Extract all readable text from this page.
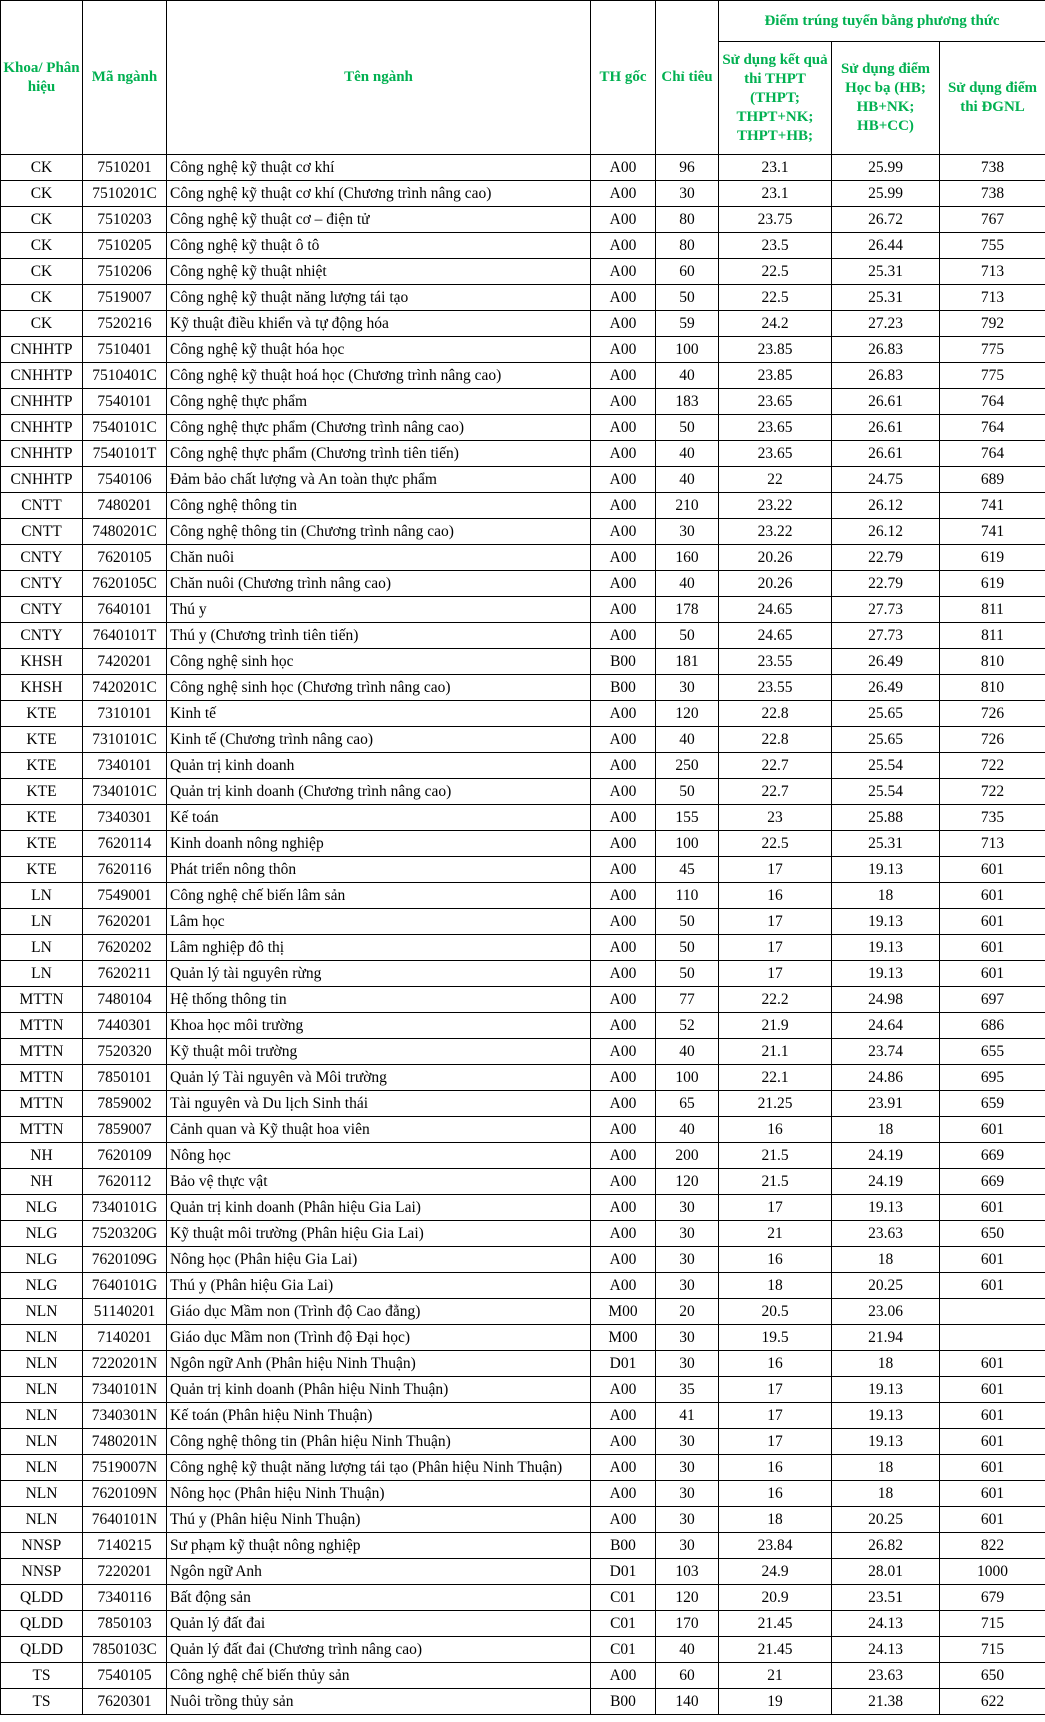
Khoa/ Phân hiệu	Mã ngành	Tên ngành	TH gốc	Chỉ tiêu	Điểm trúng tuyển bằng phương thức		
					Sử dụng kết quả thi THPT (THPT; THPT+NK; THPT+HB;	Sử dụng điểm Học bạ (HB; HB+NK; HB+CC)	Sử dụng điểm thi ĐGNL
CK	7510201	Công nghệ kỹ thuật cơ khí	A00	96	23.1	25.99	738
CK	7510201C	Công nghệ kỹ thuật cơ khí (Chương trình nâng cao)	A00	30	23.1	25.99	738
CK	7510203	Công nghệ kỹ thuật cơ – điện tử	A00	80	23.75	26.72	767
CK	7510205	Công nghệ kỹ thuật ô tô	A00	80	23.5	26.44	755
CK	7510206	Công nghệ kỹ thuật nhiệt	A00	60	22.5	25.31	713
CK	7519007	Công nghệ kỹ thuật năng lượng tái tạo	A00	50	22.5	25.31	713
CK	7520216	Kỹ thuật điều khiển và tự động hóa	A00	59	24.2	27.23	792
CNHHTP	7510401	Công nghệ kỹ thuật hóa học	A00	100	23.85	26.83	775
CNHHTP	7510401C	Công nghệ kỹ thuật hoá học (Chương trình nâng cao)	A00	40	23.85	26.83	775
CNHHTP	7540101	Công nghệ thực phẩm	A00	183	23.65	26.61	764
CNHHTP	7540101C	Công nghệ thực phẩm (Chương trình nâng cao)	A00	50	23.65	26.61	764
CNHHTP	7540101T	Công nghệ thực phẩm (Chương trình tiên tiến)	A00	40	23.65	26.61	764
CNHHTP	7540106	Đảm bảo chất lượng và An toàn thực phẩm	A00	40	22	24.75	689
CNTT	7480201	Công nghệ thông tin	A00	210	23.22	26.12	741
CNTT	7480201C	Công nghệ thông tin (Chương trình nâng cao)	A00	30	23.22	26.12	741
CNTY	7620105	Chăn nuôi	A00	160	20.26	22.79	619
CNTY	7620105C	Chăn nuôi (Chương trình nâng cao)	A00	40	20.26	22.79	619
CNTY	7640101	Thú y	A00	178	24.65	27.73	811
CNTY	7640101T	Thú y (Chương trình tiên tiến)	A00	50	24.65	27.73	811
KHSH	7420201	Công nghệ sinh học	B00	181	23.55	26.49	810
KHSH	7420201C	Công nghệ sinh học (Chương trình nâng cao)	B00	30	23.55	26.49	810
KTE	7310101	Kinh tế	A00	120	22.8	25.65	726
KTE	7310101C	Kinh tế (Chương trình nâng cao)	A00	40	22.8	25.65	726
KTE	7340101	Quản trị kinh doanh	A00	250	22.7	25.54	722
KTE	7340101C	Quản trị kinh doanh (Chương trình nâng cao)	A00	50	22.7	25.54	722
KTE	7340301	Kế toán	A00	155	23	25.88	735
KTE	7620114	Kinh doanh nông nghiệp	A00	100	22.5	25.31	713
KTE	7620116	Phát triển nông thôn	A00	45	17	19.13	601
LN	7549001	Công nghệ chế biến lâm sản	A00	110	16	18	601
LN	7620201	Lâm học	A00	50	17	19.13	601
LN	7620202	Lâm nghiệp đô thị	A00	50	17	19.13	601
LN	7620211	Quản lý tài nguyên rừng	A00	50	17	19.13	601
MTTN	7480104	Hệ thống thông tin	A00	77	22.2	24.98	697
MTTN	7440301	Khoa học môi trường	A00	52	21.9	24.64	686
MTTN	7520320	Kỹ thuật môi trường	A00	40	21.1	23.74	655
MTTN	7850101	Quản lý Tài nguyên và Môi trường	A00	100	22.1	24.86	695
MTTN	7859002	Tài nguyên và Du lịch Sinh thái	A00	65	21.25	23.91	659
MTTN	7859007	Cảnh quan và Kỹ thuật hoa viên	A00	40	16	18	601
NH	7620109	Nông học	A00	200	21.5	24.19	669
NH	7620112	Bảo vệ thực vật	A00	120	21.5	24.19	669
NLG	7340101G	Quản trị kinh doanh (Phân hiệu Gia Lai)	A00	30	17	19.13	601
NLG	7520320G	Kỹ thuật môi trường (Phân hiệu Gia Lai)	A00	30	21	23.63	650
NLG	7620109G	Nông học (Phân hiệu Gia Lai)	A00	30	16	18	601
NLG	7640101G	Thú y (Phân hiệu Gia Lai)	A00	30	18	20.25	601
NLN	51140201	Giáo dục Mầm non (Trình độ Cao đẳng)	M00	20	20.5	23.06	
NLN	7140201	Giáo dục Mầm non (Trình độ Đại học)	M00	30	19.5	21.94	
NLN	7220201N	Ngôn ngữ Anh (Phân hiệu Ninh Thuận)	D01	30	16	18	601
NLN	7340101N	Quản trị kinh doanh (Phân hiệu Ninh Thuận)	A00	35	17	19.13	601
NLN	7340301N	Kế toán (Phân hiệu Ninh Thuận)	A00	41	17	19.13	601
NLN	7480201N	Công nghệ thông tin (Phân hiệu Ninh Thuận)	A00	30	17	19.13	601
NLN	7519007N	Công nghệ kỹ thuật năng lượng tái tạo (Phân hiệu Ninh Thuận)	A00	30	16	18	601
NLN	7620109N	Nông học (Phân hiệu Ninh Thuận)	A00	30	16	18	601
NLN	7640101N	Thú y (Phân hiệu Ninh Thuận)	A00	30	18	20.25	601
NNSP	7140215	Sư phạm kỹ thuật nông nghiệp	B00	30	23.84	26.82	822
NNSP	7220201	Ngôn ngữ Anh	D01	103	24.9	28.01	1000
QLDD	7340116	Bất động sản	C01	120	20.9	23.51	679
QLDD	7850103	Quản lý đất đai	C01	170	21.45	24.13	715
QLDD	7850103C	Quản lý đất đai (Chương trình nâng cao)	C01	40	21.45	24.13	715
TS	7540105	Công nghệ chế biến thủy sản	A00	60	21	23.63	650
TS	7620301	Nuôi trồng thủy sản	B00	140	19	21.38	622
